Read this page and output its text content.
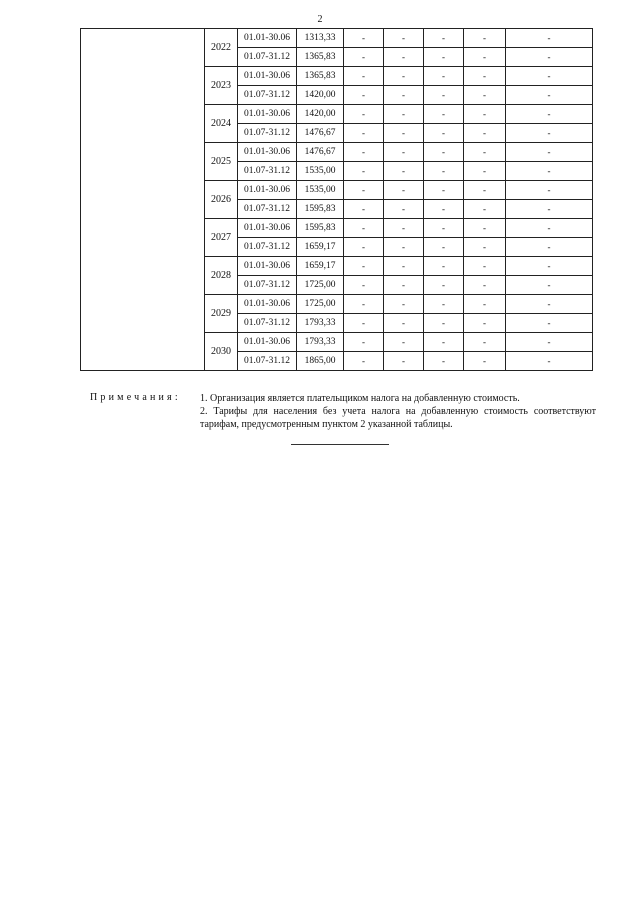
2
	2022	01.01-30.06	1313,33	-	-	-	-	-
		01.07-31.12	1365,83	-	-	-	-	-
	2023	01.01-30.06	1365,83	-	-	-	-	-
		01.07-31.12	1420,00	-	-	-	-	-
	2024	01.01-30.06	1420,00	-	-	-	-	-
		01.07-31.12	1476,67	-	-	-	-	-
	2025	01.01-30.06	1476,67	-	-	-	-	-
		01.07-31.12	1535,00	-	-	-	-	-
	2026	01.01-30.06	1535,00	-	-	-	-	-
		01.07-31.12	1595,83	-	-	-	-	-
	2027	01.01-30.06	1595,83	-	-	-	-	-
		01.07-31.12	1659,17	-	-	-	-	-
	2028	01.01-30.06	1659,17	-	-	-	-	-
		01.07-31.12	1725,00	-	-	-	-	-
	2029	01.01-30.06	1725,00	-	-	-	-	-
		01.07-31.12	1793,33	-	-	-	-	-
	2030	01.01-30.06	1793,33	-	-	-	-	-
		01.07-31.12	1865,00	-	-	-	-	-
Примечания: 1. Организация является плательщиком налога на добавленную стоимость.

2. Тарифы для населения без учета налога на добавленную стоимость соответствуют тарифам, предусмотренным пунктом 2 указанной таблицы.
